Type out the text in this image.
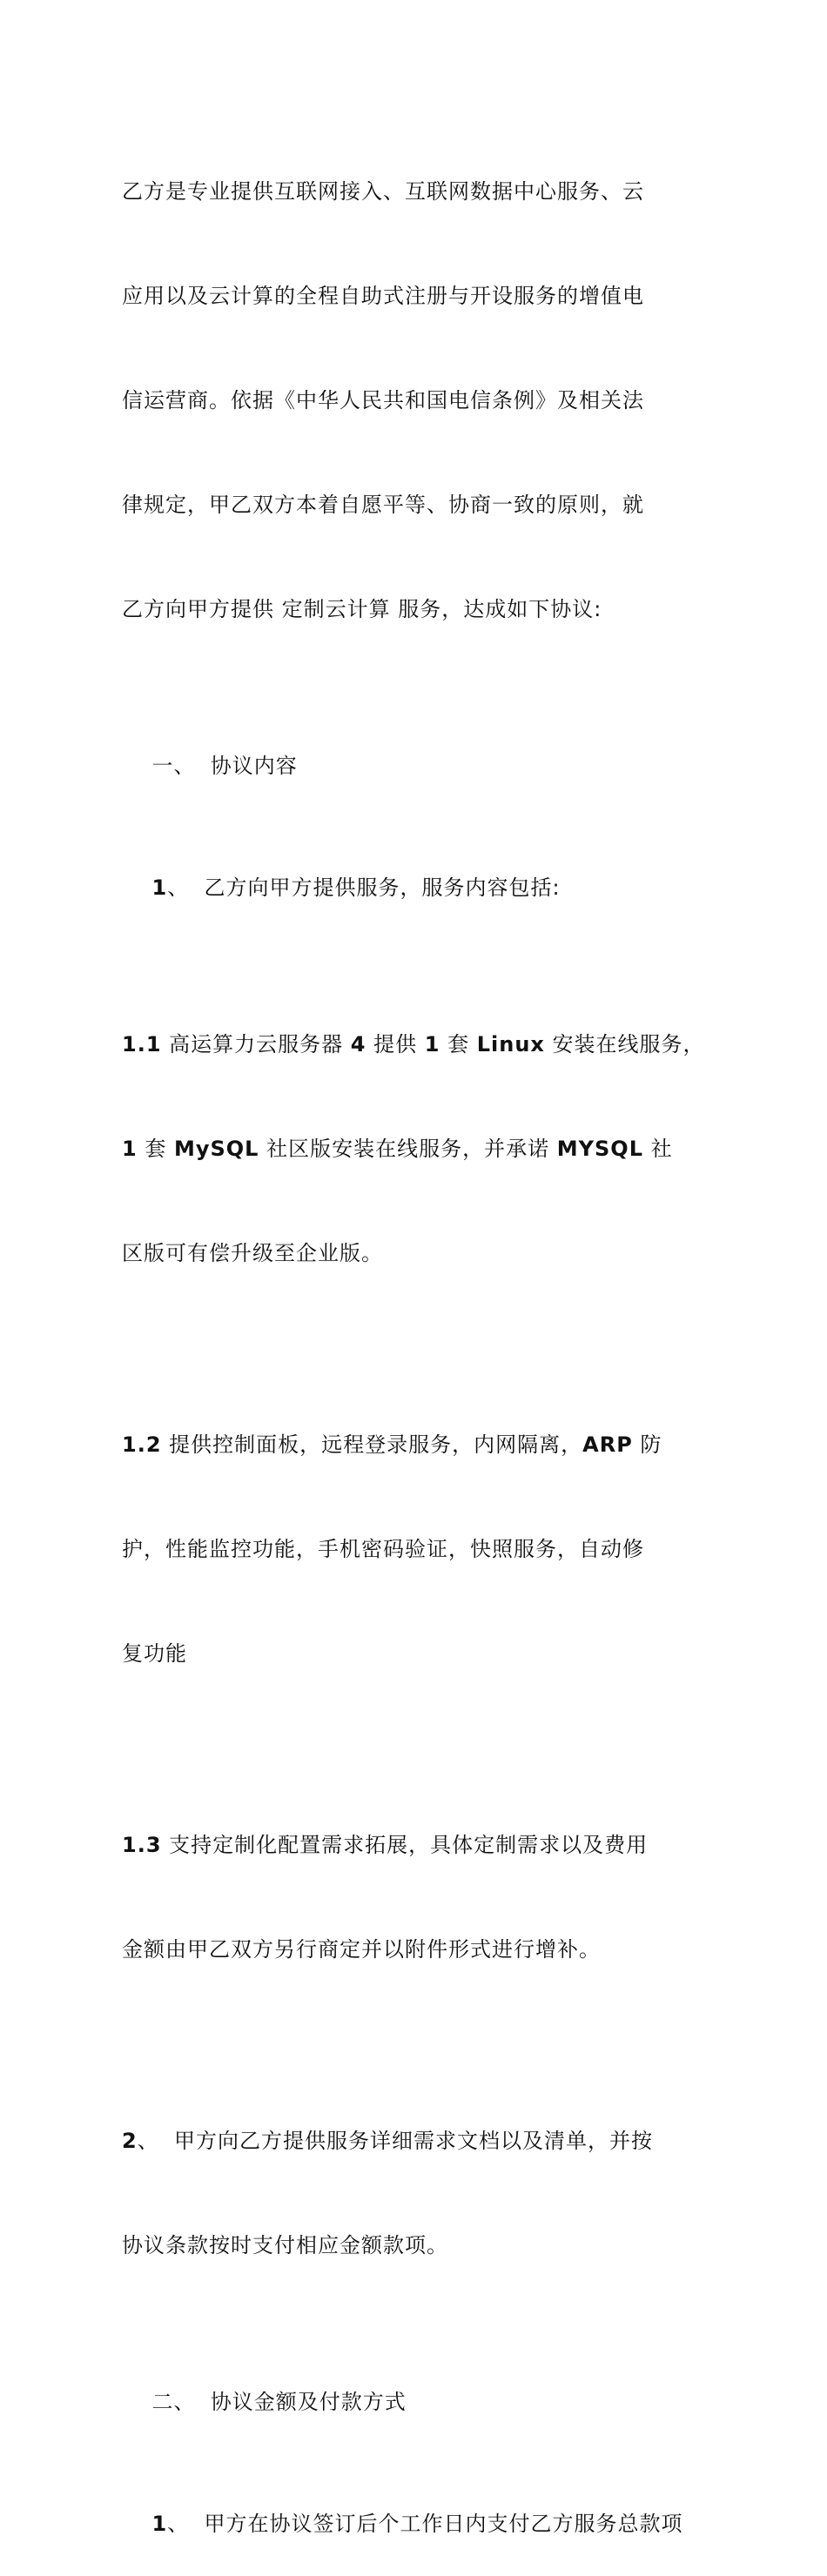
乙方是专业提供互联网接入、互联网数据中心服务、云

应用以及云计算的全程自助式注册与开设服务的增值电

信运营商。依据《中华人民共和国电信条例》及相关法

律规定，甲乙双方本着自愿平等、协商一致的原则，就

乙方向甲方提供 定制云计算 服务，达成如下协议:

一、  协议内容

1、  乙方向甲方提供服务，服务内容包括:

1.1 高运算力云服务器 4 提供 1 套 Linux 安装在线服务，

1 套 MySQL 社区版安装在线服务，并承诺 MYSQL 社

区版可有偿升级至企业版。

1.2 提供控制面板，远程登录服务，内网隔离，ARP 防

护，性能监控功能，手机密码验证，快照服务，自动修

复功能

1.3 支持定制化配置需求拓展，具体定制需求以及费用

金额由甲乙双方另行商定并以附件形式进行增补。

2、  甲方向乙方提供服务详细需求文档以及清单，并按

协议条款按时支付相应金额款项。

二、  协议金额及付款方式

1、  甲方在协议签订后个工作日内支付乙方服务总款项
